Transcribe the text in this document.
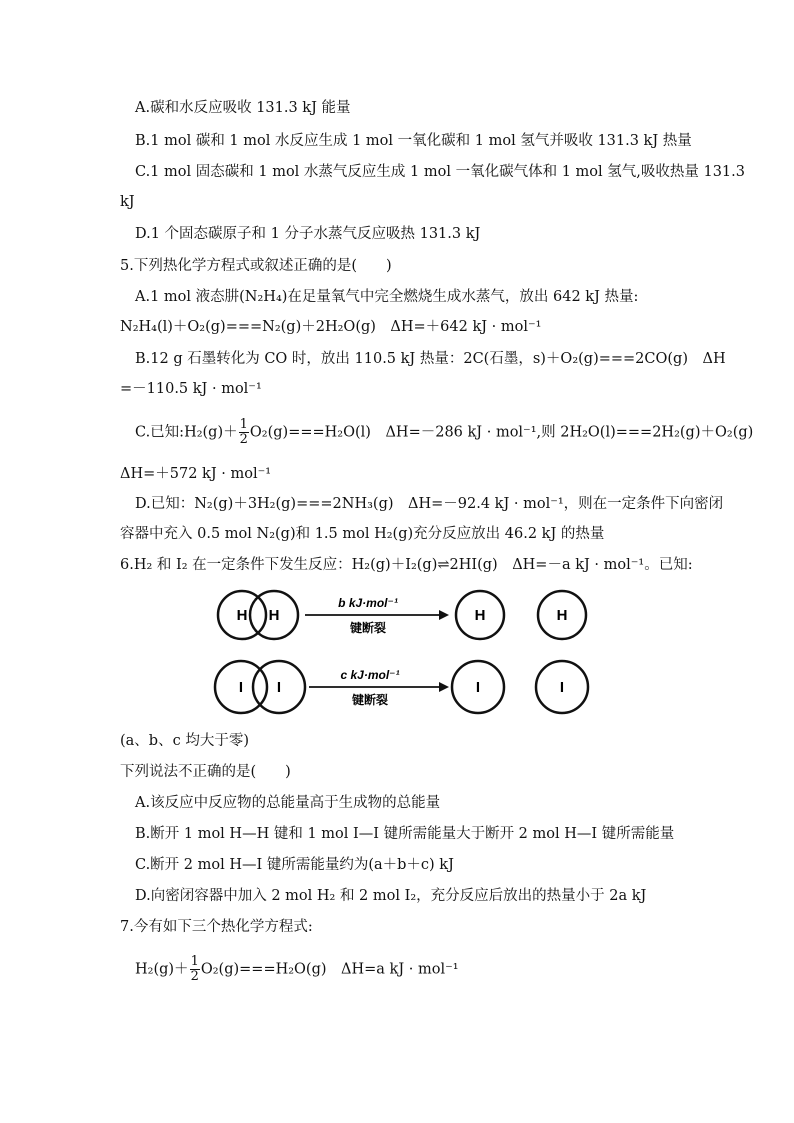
A.碳和水反应吸收 131.3 kJ 能量
B.1 mol 碳和 1 mol 水反应生成 1 mol 一氧化碳和 1 mol 氢气并吸收 131.3 kJ 热量
C.1 mol 固态碳和 1 mol 水蒸气反应生成 1 mol 一氧化碳气体和 1 mol 氢气,吸收热量 131.3
kJ
D.1 个固态碳原子和 1 分子水蒸气反应吸热 131.3 kJ
5.下列热化学方程式或叙述正确的是(　　)
A.1 mol 液态肼(N₂H₄)在足量氧气中完全燃烧生成水蒸气，放出 642 kJ 热量:
N₂H₄(l)＋O₂(g)===N₂(g)＋2H₂O(g)　ΔH=＋642 kJ · mol⁻¹
B.12 g 石墨转化为 CO 时，放出 110.5 kJ 热量：2C(石墨，s)＋O₂(g)===2CO(g)　ΔH
=－110.5 kJ · mol⁻¹
C.已知:H₂(g)＋ $\frac{1}{2} O_2(g)===H_2O(l)$　ΔH=－286 kJ · mol⁻¹,则 2H₂O(l)===2H₂(g)＋O₂(g)
ΔH=＋572 kJ · mol⁻¹
D.已知：N₂(g)＋3H₂(g)===2NH₃(g)　ΔH=－92.4 kJ · mol⁻¹，则在一定条件下向密闭
容器中充入 0.5 mol N₂(g)和 1.5 mol H₂(g)充分反应放出 46.2 kJ 的热量
6.H₂ 和 I₂ 在一定条件下发生反应：H₂(g)＋I₂(g)⇌2HI(g)　ΔH=－a kJ · mol⁻¹。已知:
H H
b kJ·mol⁻¹
键断裂
H	H
I I
c kJ·mol⁻¹
键断裂
I	I
(a、b、c 均大于零)
下列说法不正确的是(　　)
A.该反应中反应物的总能量高于生成物的总能量
B.断开 1 mol H—H 键和 1 mol I—I 键所需能量大于断开 2 mol H—I 键所需能量
C.断开 2 mol H—I 键所需能量约为(a＋b＋c) kJ
D.向密闭容器中加入 2 mol H₂ 和 2 mol I₂，充分反应后放出的热量小于 2a kJ
7.今有如下三个热化学方程式:
$H_2(g)+ \frac{1}{2} O_2(g)===H_2O(g)$　ΔH=a kJ · mol⁻¹
